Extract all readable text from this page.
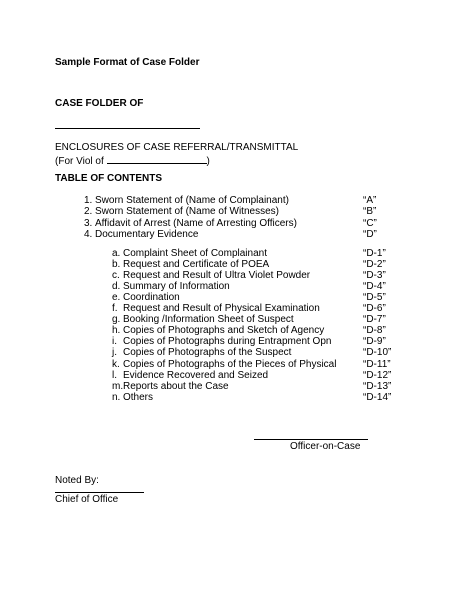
Sample Format of Case Folder
CASE FOLDER OF
ENCLOSURES OF CASE REFERRAL/TRANSMITTAL
(For Viol of	)
TABLE OF CONTENTS
1. Sworn Statement of (Name of Complainant)	“A”
2. Sworn Statement of (Name of Witnesses)	“B”
3. Affidavit of Arrest (Name of Arresting Officers)	“C”
4. Documentary Evidence	“D”
a. Complaint Sheet of Complainant	“D-1”
b. Request and Certificate of POEA	“D-2”
c. Request and Result of Ultra Violet Powder	“D-3”
d. Summary of Information	“D-4”
e. Coordination	“D-5”
f. Request and Result of Physical Examination	“D-6”
g. Booking /Information Sheet of Suspect	“D-7”
h. Copies of Photographs and Sketch of Agency	“D-8”
i. Copies of Photographs during Entrapment Opn	“D-9”
j. Copies of Photographs of the Suspect	“D-10”
k. Copies of Photographs of the Pieces of Physical	“D-11”
l. Evidence Recovered and Seized	“D-12”
m. Reports about the Case	“D-13”
n. Others	“D-14”
Officer-on-Case
Noted By:
Chief of Office
